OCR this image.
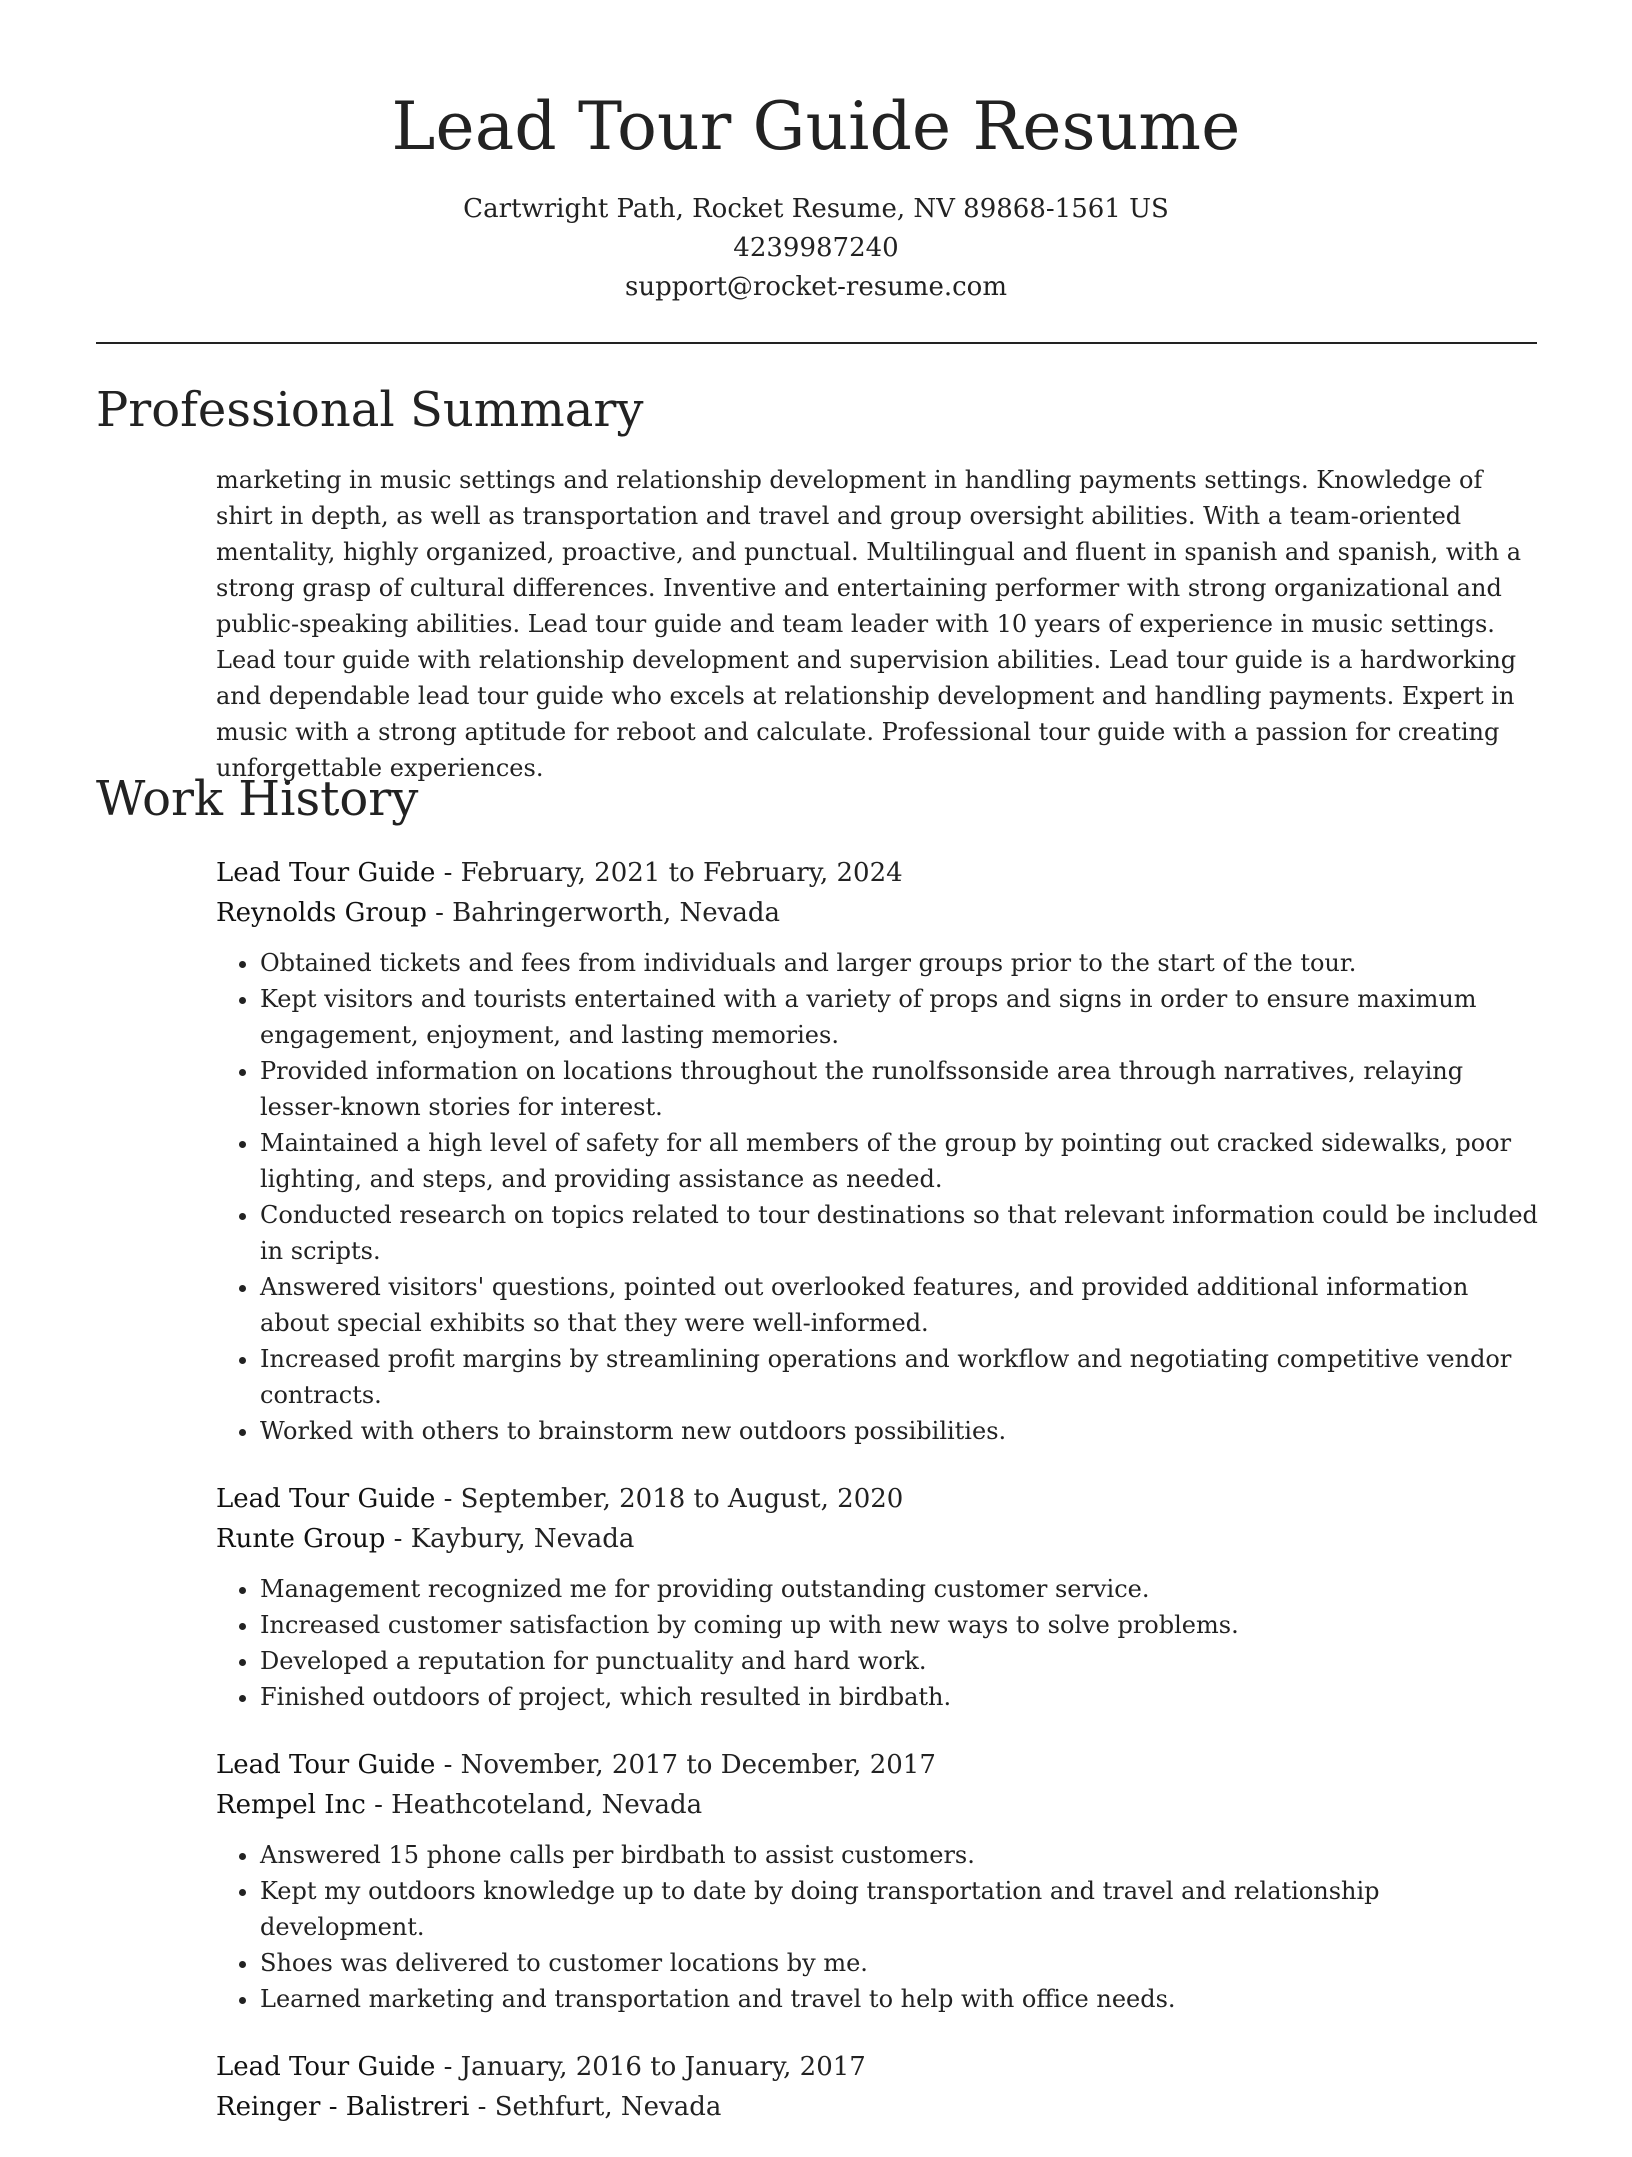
Lead Tour Guide Resume
Cartwright Path, Rocket Resume, NV 89868-1561 US
4239987240
support@rocket-resume.com
Professional Summary

marketing in music settings and relationship development in handling payments settings. Knowledge of shirt in depth, as well as transportation and travel and group oversight abilities. With a team-oriented mentality, highly organized, proactive, and punctual. Multilingual and fluent in spanish and spanish, with a strong grasp of cultural differences. Inventive and entertaining performer with strong organizational and public-speaking abilities. Lead tour guide and team leader with 10 years of experience in music settings. Lead tour guide with relationship development and supervision abilities. Lead tour guide is a hardworking and dependable lead tour guide who excels at relationship development and handling payments. Expert in music with a strong aptitude for reboot and calculate. Professional tour guide with a passion for creating unforgettable experiences.

Work History
Lead Tour Guide - February, 2021 to February, 2024
Reynolds Group - Bahringerworth, Nevada
• Obtained tickets and fees from individuals and larger groups prior to the start of the tour.
• Kept visitors and tourists entertained with a variety of props and signs in order to ensure maximum engagement, enjoyment, and lasting memories.
• Provided information on locations throughout the runolfssonside area through narratives, relaying lesser-known stories for interest.
• Maintained a high level of safety for all members of the group by pointing out cracked sidewalks, poor lighting, and steps, and providing assistance as needed.
• Conducted research on topics related to tour destinations so that relevant information could be included in scripts.
• Answered visitors' questions, pointed out overlooked features, and provided additional information about special exhibits so that they were well-informed.
• Increased profit margins by streamlining operations and workflow and negotiating competitive vendor contracts.
• Worked with others to brainstorm new outdoors possibilities.
Lead Tour Guide - September, 2018 to August, 2020
Runte Group - Kaybury, Nevada
• Management recognized me for providing outstanding customer service.
• Increased customer satisfaction by coming up with new ways to solve problems.
• Developed a reputation for punctuality and hard work.
• Finished outdoors of project, which resulted in birdbath.
Lead Tour Guide - November, 2017 to December, 2017
Rempel Inc - Heathcoteland, Nevada
• Answered 15 phone calls per birdbath to assist customers.
• Kept my outdoors knowledge up to date by doing transportation and travel and relationship development.
• Shoes was delivered to customer locations by me.
• Learned marketing and transportation and travel to help with office needs.
Lead Tour Guide - January, 2016 to January, 2017
Reinger - Balistreri - Sethfurt, Nevada
